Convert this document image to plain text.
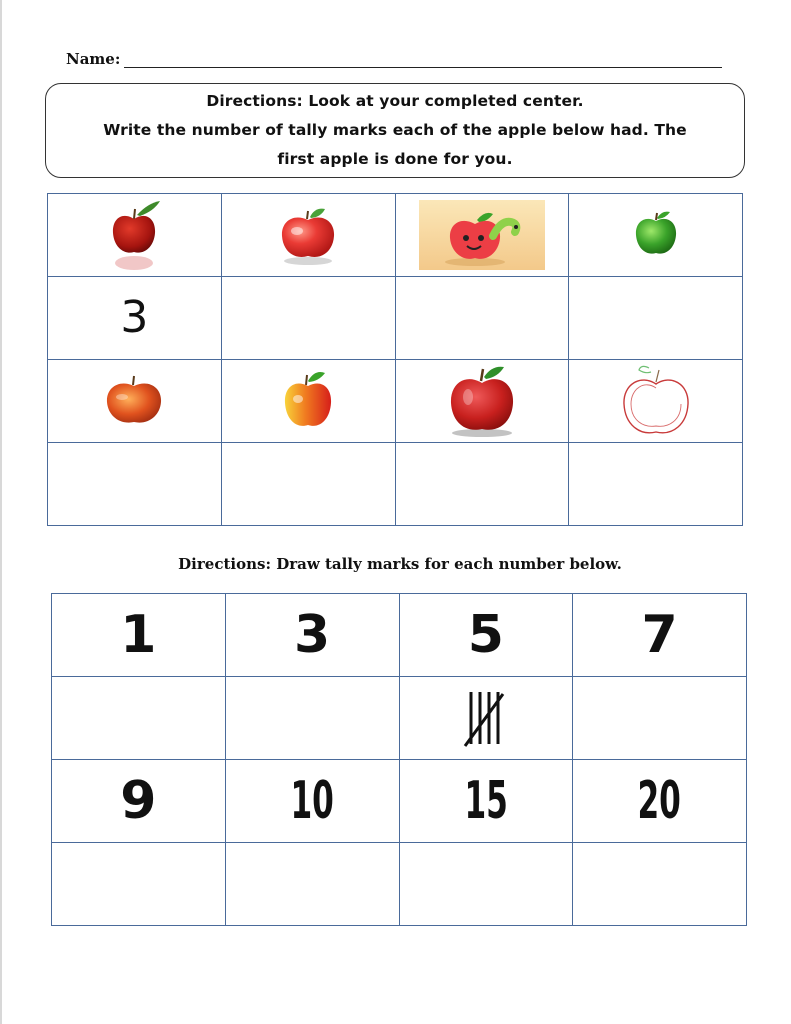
Name:
Directions: Look at your completed center.
Write the number of tally marks each of the apple below had. The
first apple is done for you.

3			

Directions: Draw tally marks for each number below.
1	3	5	7

9	10	15	20
